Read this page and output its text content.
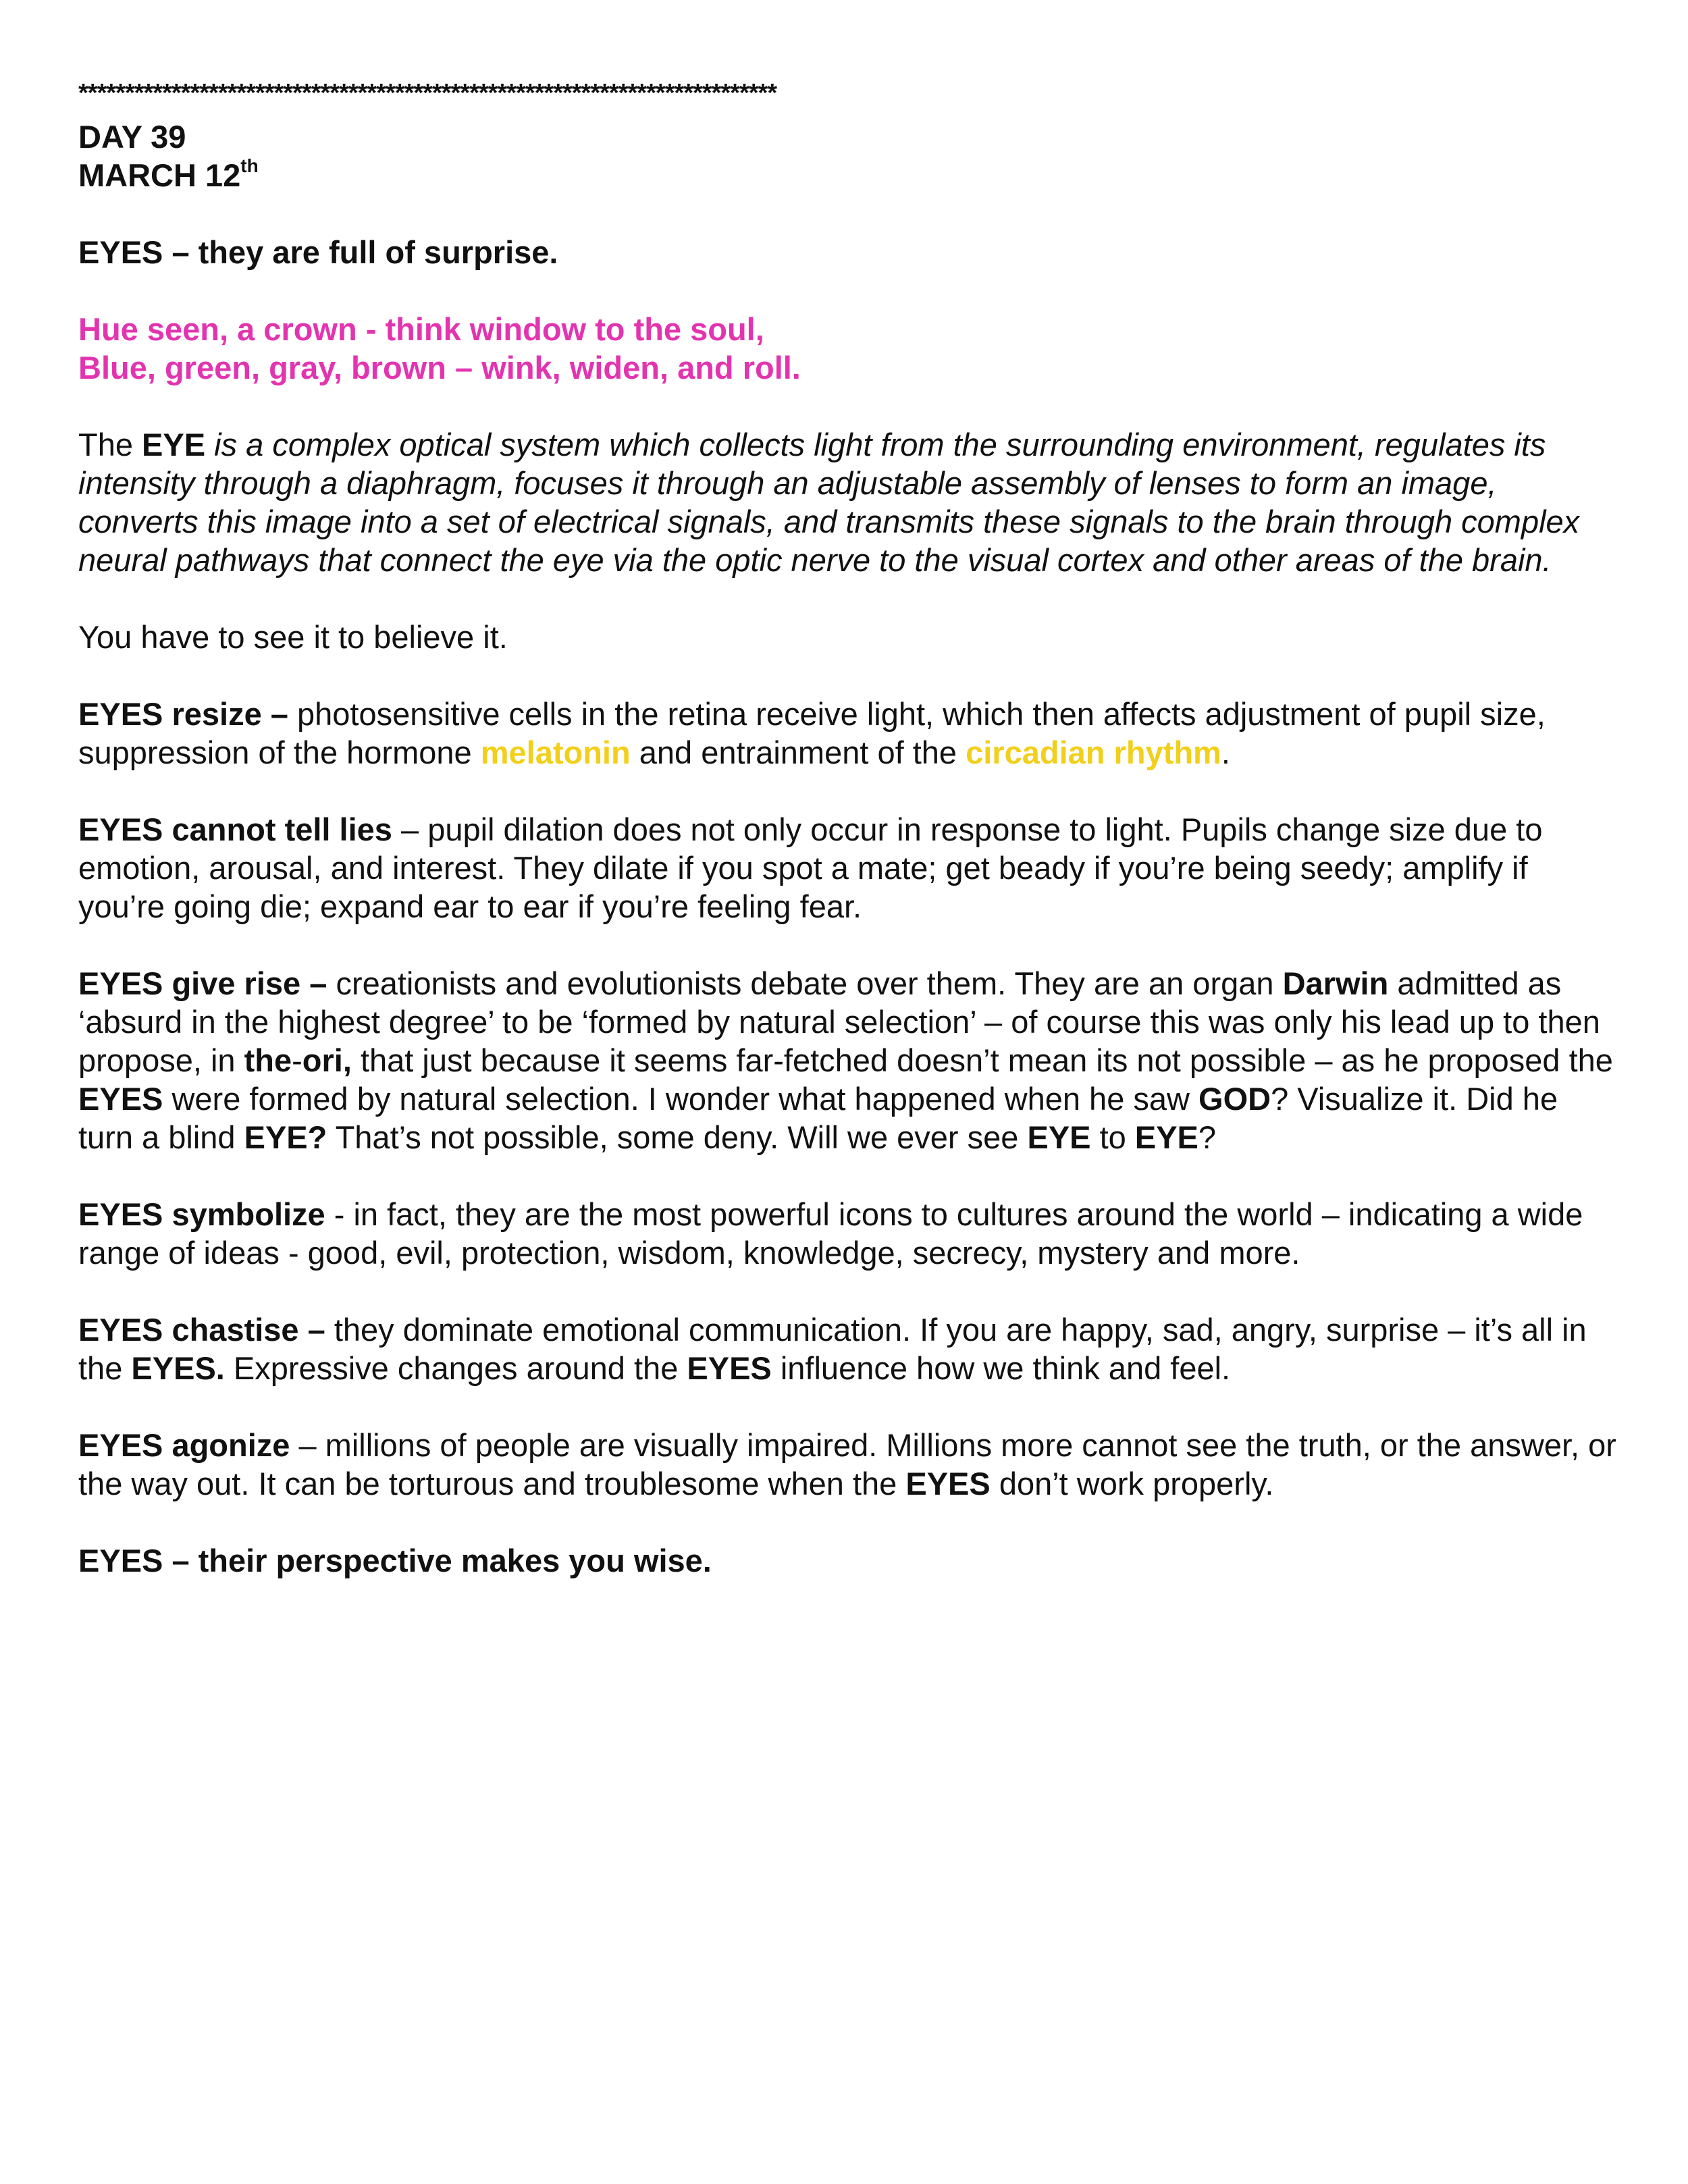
***************************************************************************
DAY 39

MARCH 12th

EYES – they are full of surprise.

Hue seen, a crown - think window to the soul,
Blue, green, gray, brown – wink, widen, and roll.

The EYE is a complex optical system which collects light from the surrounding environment, regulates its intensity through a diaphragm, focuses it through an adjustable assembly of lenses to form an image, converts this image into a set of electrical signals, and transmits these signals to the brain through complex neural pathways that connect the eye via the optic nerve to the visual cortex and other areas of the brain.

You have to see it to believe it.

EYES resize – photosensitive cells in the retina receive light, which then affects adjustment of pupil size, suppression of the hormone melatonin and entrainment of the circadian rhythm.

EYES cannot tell lies – pupil dilation does not only occur in response to light. Pupils change size due to emotion, arousal, and interest. They dilate if you spot a mate; get beady if you’re being seedy; amplify if you’re going die; expand ear to ear if you’re feeling fear.

EYES give rise – creationists and evolutionists debate over them. They are an organ Darwin admitted as ‘absurd in the highest degree’ to be ‘formed by natural selection’ – of course this was only his lead up to then propose, in the-ori, that just because it seems far-fetched doesn’t mean its not possible – as he proposed the EYES were formed by natural selection. I wonder what happened when he saw GOD? Visualize it. Did he turn a blind EYE? That’s not possible, some deny. Will we ever see EYE to EYE?

EYES symbolize - in fact, they are the most powerful icons to cultures around the world – indicating a wide range of ideas - good, evil, protection, wisdom, knowledge, secrecy, mystery and more.

EYES chastise – they dominate emotional communication. If you are happy, sad, angry, surprise – it’s all in the EYES. Expressive changes around the EYES influence how we think and feel.

EYES agonize – millions of people are visually impaired. Millions more cannot see the truth, or the answer, or the way out. It can be torturous and troublesome when the EYES don’t work properly.

EYES – their perspective makes you wise.
